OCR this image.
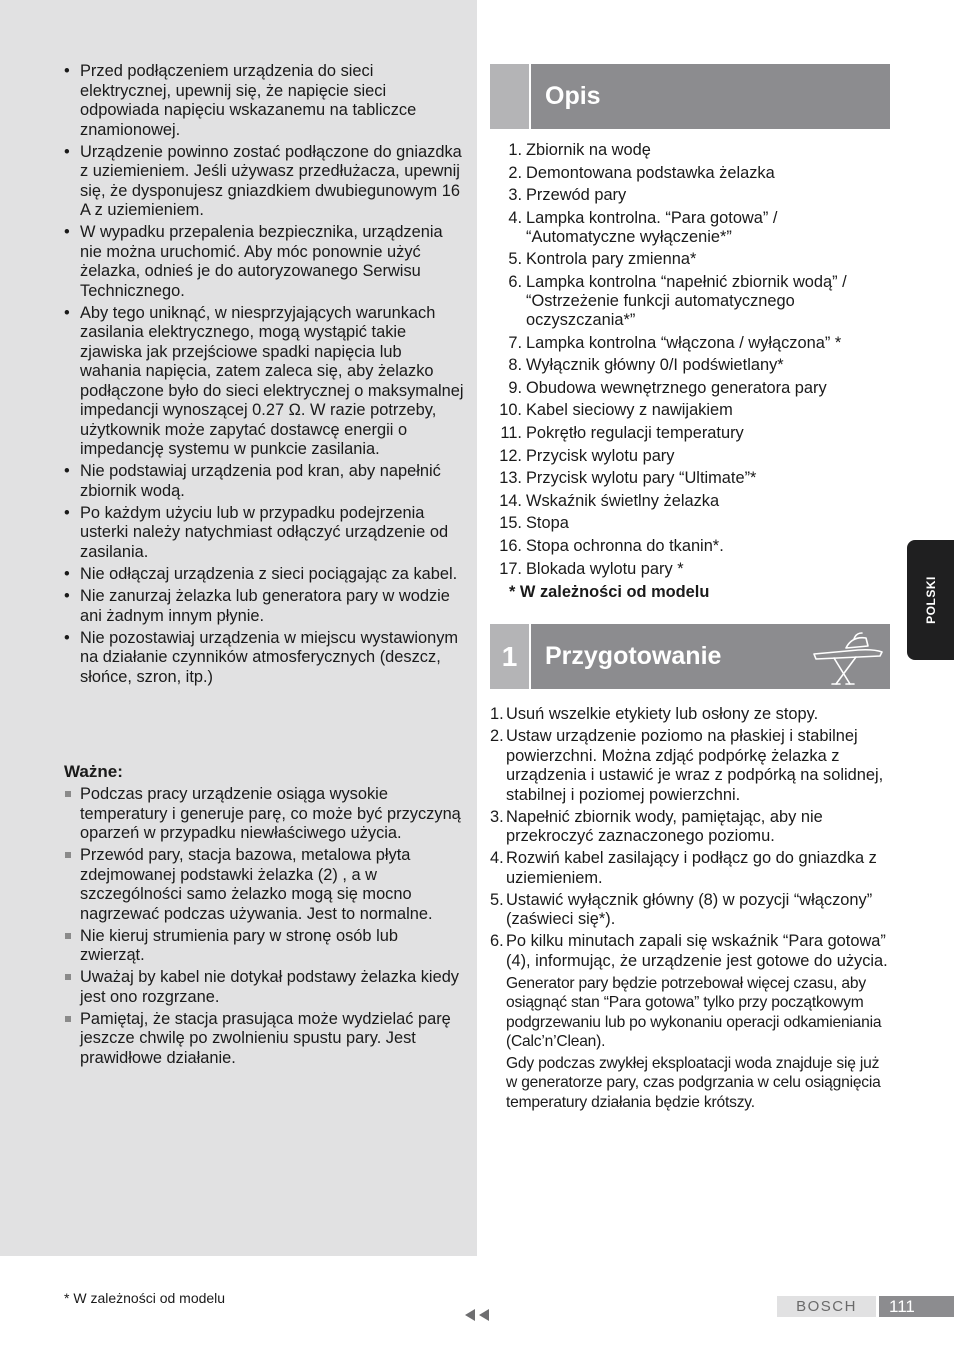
• Przed podłączeniem urządzenia do sieci elektrycznej, upewnij się, że napięcie sieci odpowiada napięciu wskazanemu na tabliczce znamionowej.
• Urządzenie powinno zostać podłączone do gniazdka z uziemieniem. Jeśli używasz przedłużacza, upewnij się, że dysponujesz gniazdkiem dwubiegunowym 16 A z uziemieniem.
• W wypadku przepalenia bezpiecznika, urządzenia nie można uruchomić. Aby móc ponownie użyć żelazka, odnieś je do autoryzowanego Serwisu Technicznego.
• Aby tego uniknąć, w niesprzyjających warunkach zasilania elektrycznego, mogą wystąpić takie zjawiska jak przejściowe spadki napięcia lub wahania napięcia, zatem zaleca się, aby żelazko podłączone było do sieci elektrycznej o maksymalnej impedancji wynoszącej 0.27 Ω. W razie potrzeby, użytkownik może zapytać dostawcę energii o impedancję systemu w punkcie zasilania.
• Nie podstawiaj urządzenia pod kran, aby napełnić zbiornik wodą.
• Po każdym użyciu lub w przypadku podejrzenia usterki należy natychmiast odłączyć urządzenie od zasilania.
• Nie odłączaj urządzenia z sieci pociągając za kabel.
• Nie zanurzaj żelazka lub generatora pary w wodzie ani żadnym innym płynie.
• Nie pozostawiaj urządzenia w miejscu wystawionym na działanie czynników atmosferycznych (deszcz, słońce, szron, itp.)
Ważne:
Podczas pracy urządzenie osiąga wysokie temperatury i generuje parę, co może być przyczyną oparzeń w przypadku niewłaściwego użycia.
Przewód pary, stacja bazowa, metalowa płyta zdejmowanej podstawki żelazka (2) , a w szczególności samo żelazko mogą się mocno nagrzewać podczas używania. Jest to normalne.
Nie kieruj strumienia pary w stronę osób lub zwierząt.
Uważaj by kabel nie dotykał podstawy żelazka kiedy jest ono rozgrzane.
Pamiętaj, że stacja prasująca może wydzielać parę jeszcze chwilę po zwolnieniu spustu pary. Jest prawidłowe działanie.
Opis
1. Zbiornik na wodę
2. Demontowana podstawka żelazka
3. Przewód pary
4. Lampka kontrolna. “Para gotowa” / “Automatyczne wyłączenie*”
5. Kontrola pary zmienna*
6. Lampka kontrolna “napełnić zbiornik wodą” / “Ostrzeżenie funkcji automatycznego oczyszczania*”
7. Lampka kontrolna “włączona / wyłączona” *
8. Wyłącznik główny 0/I podświetlany*
9. Obudowa wewnętrznego generatora pary
10. Kabel sieciowy z nawijakiem
11. Pokrętło regulacji temperatury
12. Przycisk wylotu pary
13. Przycisk wylotu pary “Ultimate”*
14. Wskaźnik świetlny żelazka
15. Stopa
16. Stopa ochronna do tkanin*.
17. Blokada wylotu pary *
* W zależności od modelu
1	Przygotowanie
1. Usuń wszelkie etykiety lub osłony ze stopy.
2. Ustaw urządzenie poziomo na płaskiej i stabilnej powierzchni. Można zdjąć podpórkę żelazka z urządzenia i ustawić je wraz z podpórką na solidnej, stabilnej i poziomej powierzchni.
3. Napełnić zbiornik wody, pamiętając, aby nie przekroczyć zaznaczonego poziomu.
4. Rozwiń kabel zasilający i podłącz go do gniazdka z uziemieniem.
5. Ustawić wyłącznik główny (8) w pozycji “włączony” (zaświeci się*).
6. Po kilku minutach zapali się wskaźnik “Para gotowa” (4), informując, że urządzenie jest gotowe do użycia.
Generator pary będzie potrzebował więcej czasu, aby osiągnąć stan “Para gotowa” tylko przy początkowym podgrzewaniu lub po wykonaniu operacji odkamieniania (Calc’n’Clean).
Gdy podczas zwykłej eksploatacji woda znajduje się już w generatorze pary, czas podgrzania w celu osiągnięcia temperatury działania będzie krótszy.
POLSKI
* W zależności od modelu	BOSCH	111
